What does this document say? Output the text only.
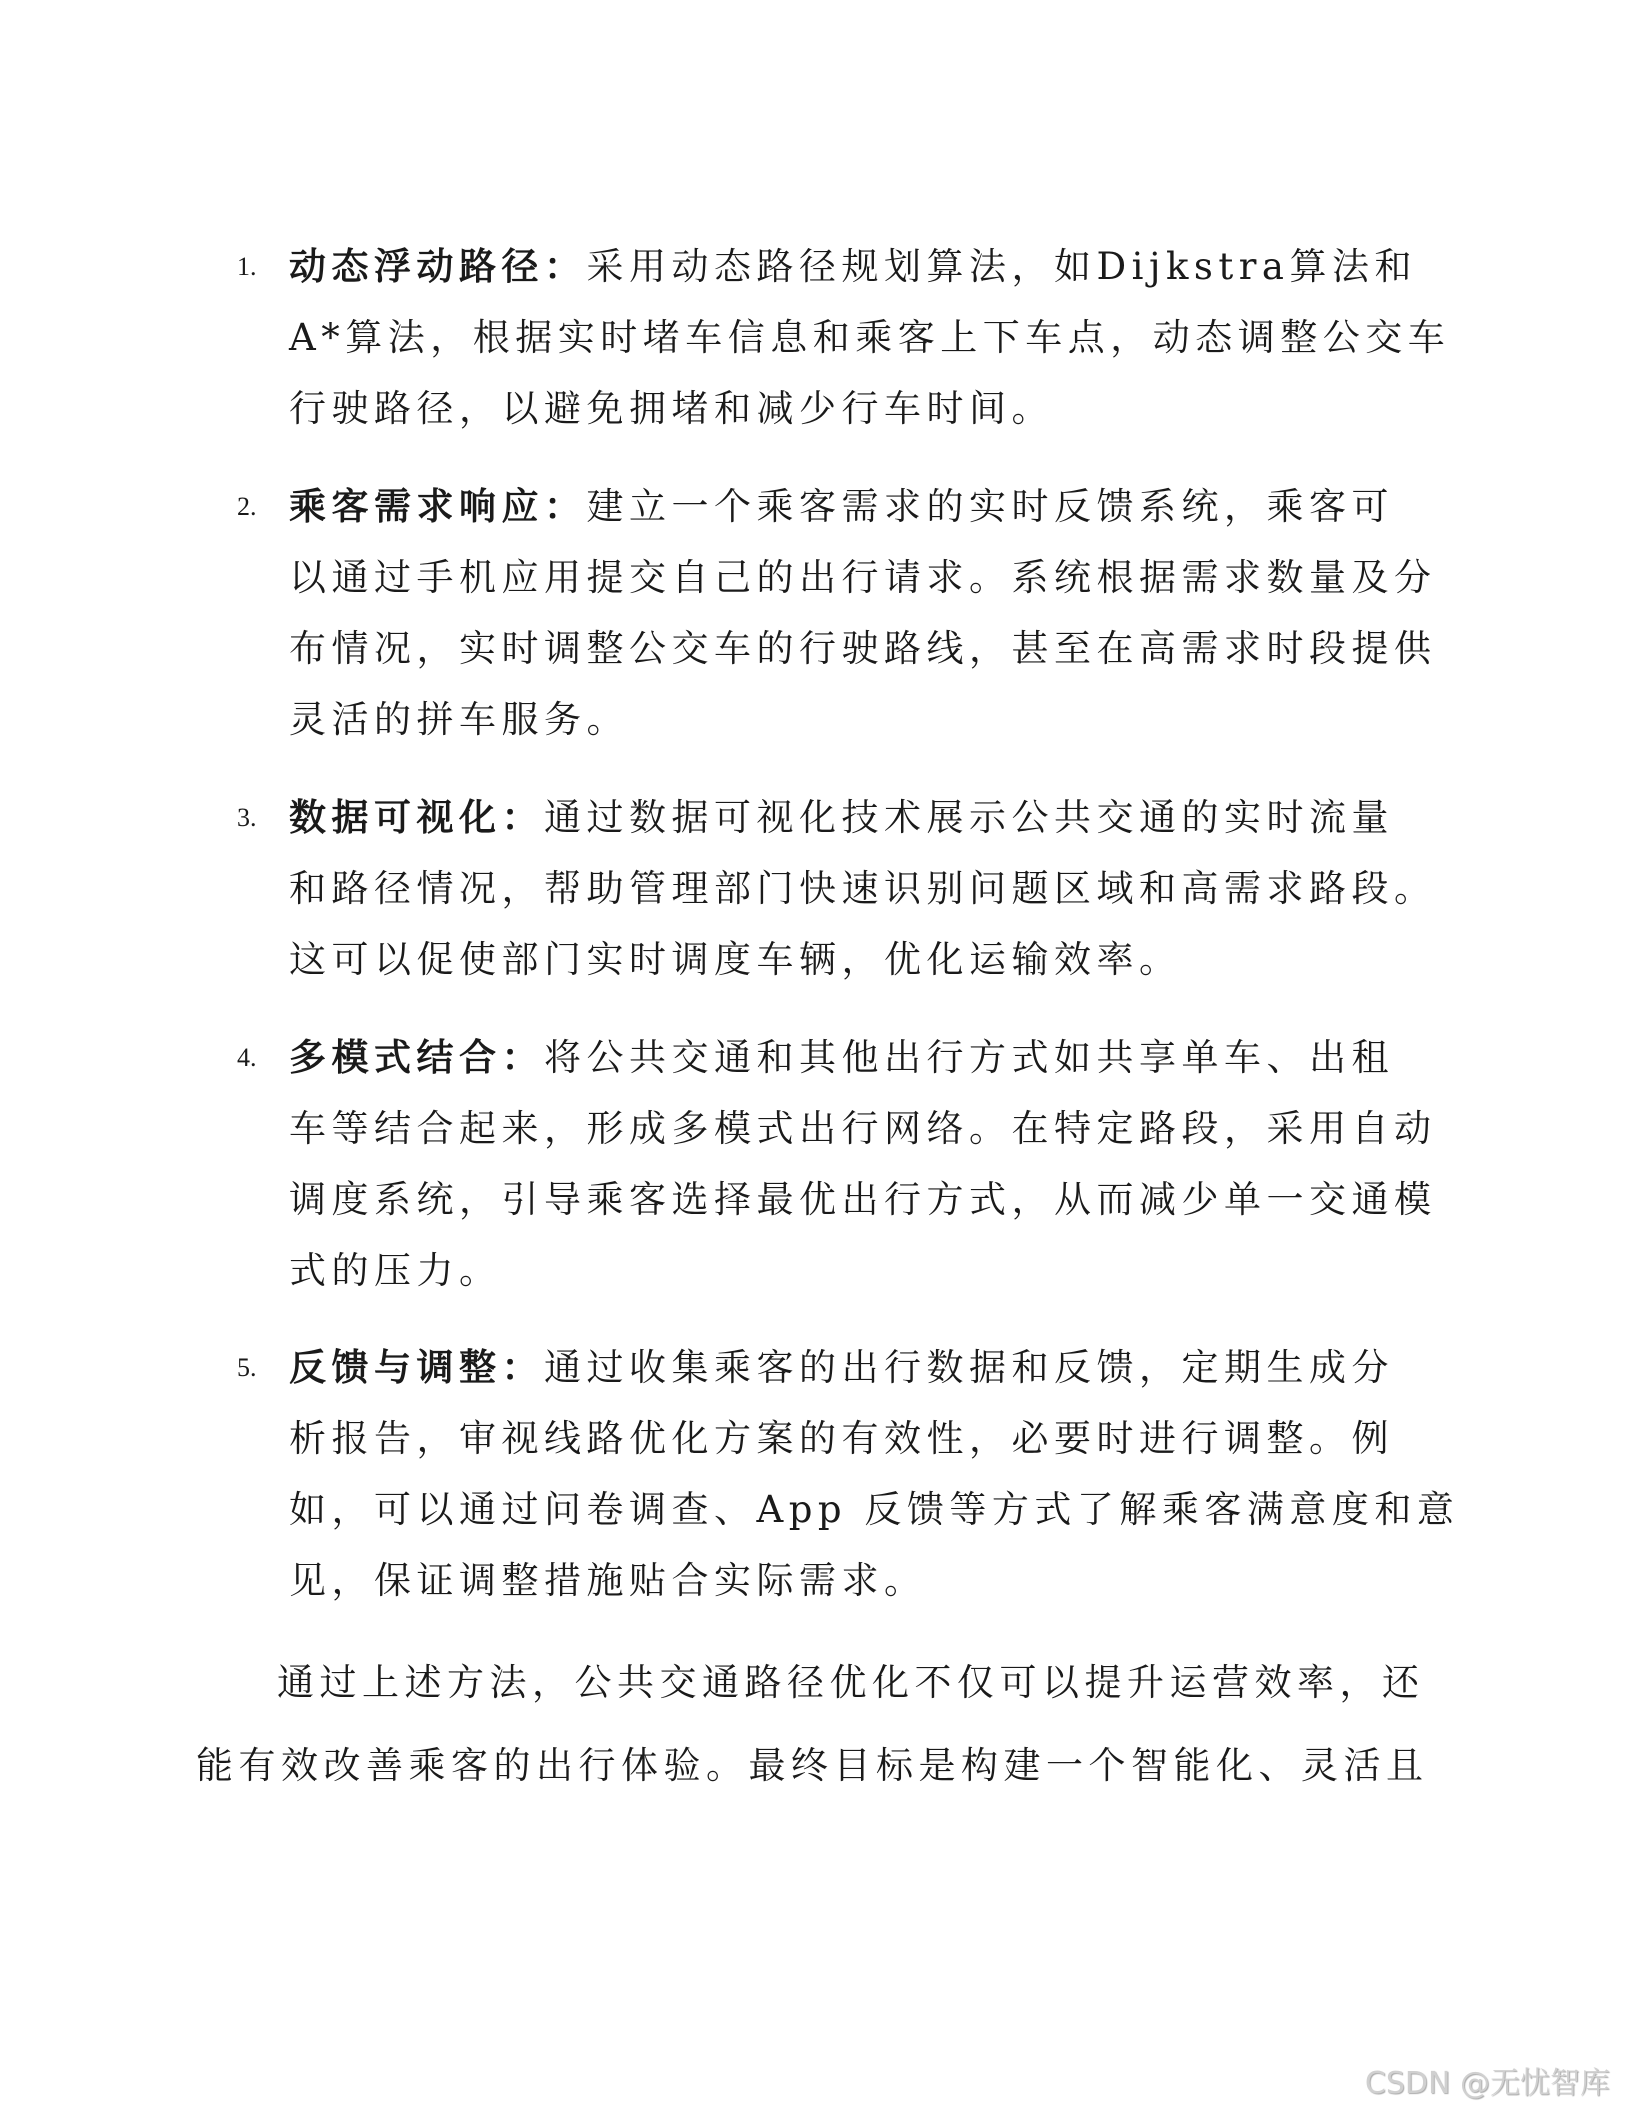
1. 动态浮动路径：采用动态路径规划算法，如Dijkstra算法和
A*算法，根据实时堵车信息和乘客上下车点，动态调整公交车
行驶路径，以避免拥堵和减少行车时间。
2. 乘客需求响应：建立一个乘客需求的实时反馈系统，乘客可
以通过手机应用提交自己的出行请求。系统根据需求数量及分
布情况，实时调整公交车的行驶路线，甚至在高需求时段提供
灵活的拼车服务。
3. 数据可视化：通过数据可视化技术展示公共交通的实时流量
和路径情况，帮助管理部门快速识别问题区域和高需求路段。
这可以促使部门实时调度车辆，优化运输效率。
4. 多模式结合：将公共交通和其他出行方式如共享单车、出租
车等结合起来，形成多模式出行网络。在特定路段，采用自动
调度系统，引导乘客选择最优出行方式，从而减少单一交通模
式的压力。
5. 反馈与调整：通过收集乘客的出行数据和反馈，定期生成分
析报告，审视线路优化方案的有效性，必要时进行调整。例
如，可以通过问卷调查、App 反馈等方式了解乘客满意度和意
见，保证调整措施贴合实际需求。
通过上述方法，公共交通路径优化不仅可以提升运营效率，还
能有效改善乘客的出行体验。最终目标是构建一个智能化、灵活且
CSDN @无忧智库
